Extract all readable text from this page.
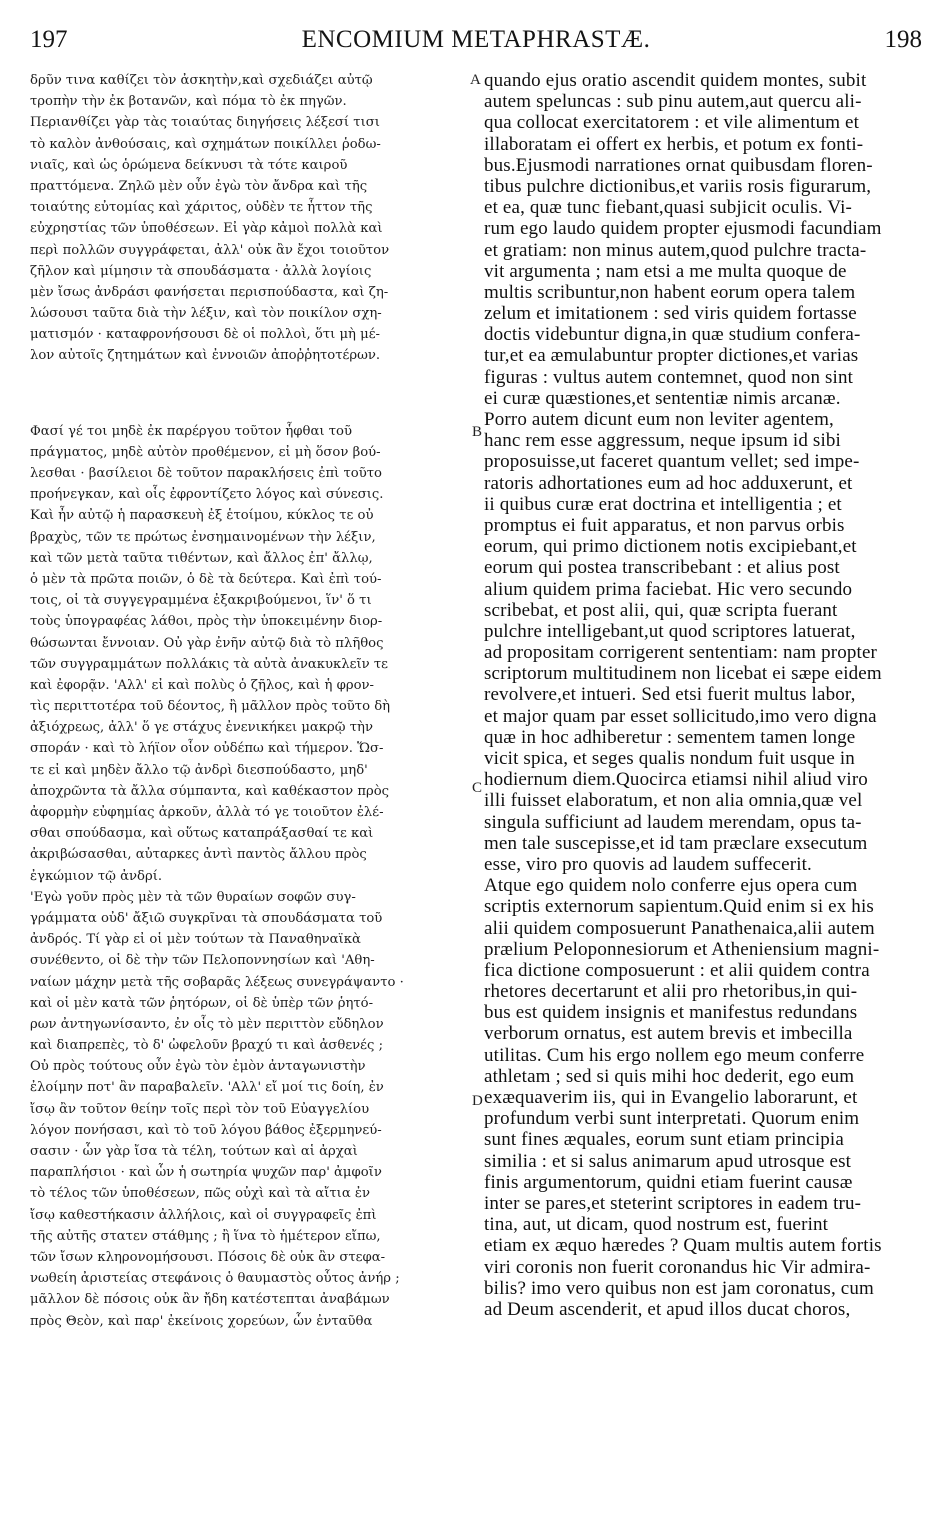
197	ENCOMIUM METAPHRASTÆ.	198
δρῦν τινα καθίζει τὸν ἀσκητὴν,καὶ σχεδιάζει αὐτῷ
τροπὴν τὴν ἐκ βοτανῶν, καὶ πόμα τὸ ἐκ πηγῶν.
Περιανθίζει γὰρ τὰς τοιαύτας διηγήσεις λέξεσί τισι
τὸ καλὸν ἀνθούσαις, καὶ σχημάτων ποικίλλει ῥοδω-
νιαῖς, καὶ ὡς ὁρώμενα δείκνυσι τὰ τότε καιροῦ
πραττόμενα. Ζηλῶ μὲν οὖν ἐγὼ τὸν ἄνδρα καὶ τῆς
τοιαύτης εὐτομίας καὶ χάριτος, οὐδὲν τε ἧττον τῆς
εὐχρηστίας τῶν ὑποθέσεων. Εἰ γὰρ κἀμοὶ πολλὰ καὶ
περὶ πολλῶν συγγράφεται, ἀλλ' οὐκ ἂν ἔχοι τοιοῦτον
ζῆλον καὶ μίμησιν τὰ σπουδάσματα · ἀλλὰ λογίοις
μὲν ἴσως ἀνδράσι φανήσεται περισπούδαστα, καὶ ζη-
λώσουσι ταῦτα διὰ τὴν λέξιν, καὶ τὸν ποικίλον σχη-
ματισμόν · καταφρονήσουσι δὲ οἱ πολλοὶ, ὅτι μὴ μέ-
λον αὐτοῖς ζητημάτων καὶ ἐννοιῶν ἀποῤῥητοτέρων.
Φασί γέ τοι μηδὲ ἐκ παρέργου τοῦτον ἧφθαι τοῦ
πράγματος, μηδὲ αὐτὸν προθέμενον, εἰ μὴ ὅσον βού-
λεσθαι · βασίλειοι δὲ τοῦτον παρακλήσεις ἐπὶ τοῦτο
προήνεγκαν, καὶ οἷς ἐφροντίζετο λόγος καὶ σύνεσις.
Καὶ ἦν αὐτῷ ἡ παρασκευὴ ἐξ ἑτοίμου, κύκλος τε οὐ
βραχὺς, τῶν τε πρώτως ἐνσημαινομένων τὴν λέξιν,
καὶ τῶν μετὰ ταῦτα τιθέντων, καὶ ἄλλος ἐπ' ἄλλῳ,
ὁ μὲν τὰ πρῶτα ποιῶν, ὁ δὲ τὰ δεύτερα. Καὶ ἐπὶ τού-
τοις, οἱ τὰ συγγεγραμμένα ἐξακριβούμενοι, ἵν' ὅ τι
τοὺς ὑπογραφέας λάθοι, πρὸς τὴν ὑποκειμένην διορ-
θώσωνται ἔννοιαν. Οὐ γὰρ ἐνῆν αὐτῷ διὰ τὸ πλῆθος
τῶν συγγραμμάτων πολλάκις τὰ αὐτὰ ἀνακυκλεῖν τε
καὶ ἐφορᾷν. 'Αλλ' εἰ καὶ πολὺς ὁ ζῆλος, καὶ ἡ φρον-
τὶς περιττοτέρα τοῦ δέοντος, ἢ μᾶλλον πρὸς τοῦτο δὴ
ἀξιόχρεως, ἀλλ' ὅ γε στάχυς ἐνενικήκει μακρῷ τὴν
σποράν · καὶ τὸ λήϊον οἷον οὐδέπω καὶ τήμερον. Ὥσ-
τε εἰ καὶ μηδὲν ἄλλο τῷ ἀνδρὶ διεσπούδαστο, μηδ'
ἀποχρῶντα τὰ ἄλλα σύμπαντα, καὶ καθέκαστον πρὸς
ἀφορμὴν εὐφημίας ἀρκοῦν, ἀλλὰ τό γε τοιοῦτον ἐλέ-
σθαι σπούδασμα, καὶ οὕτως καταπράξασθαί τε καὶ
ἀκριβώσασθαι, αὐταρκες ἀντὶ παντὸς ἄλλου πρὸς
ἐγκώμιον τῷ ἀνδρί.
'Εγὼ γοῦν πρὸς μὲν τὰ τῶν θυραίων σοφῶν συγ-
γράμματα οὐδ' ἄξιῶ συγκρῖναι τὰ σπουδάσματα τοῦ
ἀνδρός. Τί γὰρ εἰ οἱ μὲν τούτων τὰ Παναθηναϊκὰ
συνέθεντο, οἱ δὲ τὴν τῶν Πελοποννησίων καὶ 'Αθη-
ναίων μάχην μετὰ τῆς σοβαρᾶς λέξεως συνεγράψαντο ·
καὶ οἱ μὲν κατὰ τῶν ῥητόρων, οἱ δὲ ὑπὲρ τῶν ῥητό-
ρων ἀντηγωνίσαντο, ἐν οἷς τὸ μὲν περιττὸν εὔδηλον
καὶ διαπρεπὲς, τὸ δ' ὠφελοῦν βραχύ τι καὶ ἀσθενές ;
Οὐ πρὸς τούτους οὖν ἐγὼ τὸν ἐμὸν ἀνταγωνιστὴν
ἐλοίμην ποτ' ἂν παραβαλεῖν. 'Αλλ' εἴ μοί τις δοίη, ἐν
ἴσῳ ἂν τοῦτον θείην τοῖς περὶ τὸν τοῦ Εὐαγγελίου
λόγον πονήσασι, καὶ τὸ τοῦ λόγου βάθος ἐξερμηνεύ-
σασιν · ὧν γὰρ ἴσα τὰ τέλη, τούτων καὶ αἱ ἀρχαὶ
παραπλήσιοι · καὶ ὧν ἡ σωτηρία ψυχῶν παρ' ἀμφοῖν
τὸ τέλος τῶν ὑποθέσεων, πῶς οὐχὶ καὶ τὰ αἴτια ἐν
ἴσῳ καθεστήκασιν ἀλλήλοις, καὶ οἱ συγγραφεῖς ἐπὶ
τῆς αὐτῆς στατεν στάθμης ; ἢ ἵνα τὸ ἡμέτερον εἴπω,
τῶν ἴσων κληρονομήσουσι. Πόσοις δὲ οὐκ ἂν στεφα-
νωθείη ἀριστείας στεφάνοις ὁ θαυμαστὸς οὗτος ἀνήρ ;
μᾶλλον δὲ πόσοις οὐκ ἂν ἤδη κατέστεπται ἀναβάμων
πρὸς Θεὸν, καὶ παρ' ἐκείνοις χορεύων, ὧν ἐνταῦθα
A
B
C
D
quando ejus oratio ascendit quidem montes, subit
autem speluncas : sub pinu autem,aut quercu ali-
qua collocat exercitatorem : et vile alimentum et
illaboratam ei offert ex herbis, et potum ex fonti-
bus.Ejusmodi narrationes ornat quibusdam floren-
tibus pulchre dictionibus,et variis rosis figurarum,
et ea, quæ tunc fiebant,quasi subjicit oculis. Vi-
rum ego laudo quidem propter ejusmodi facundiam
et gratiam: non minus autem,quod pulchre tracta-
vit argumenta ; nam etsi a me multa quoque de
multis scribuntur,non habent eorum opera talem
zelum et imitationem : sed viris quidem fortasse
doctis videbuntur digna,in quæ studium confera-
tur,et ea æmulabuntur propter dictiones,et varias
figuras : vultus autem contemnet, quod non sint
ei curæ quæstiones,et sententiæ nimis arcanæ.
Porro autem dicunt eum non leviter agentem,
hanc rem esse aggressum, neque ipsum id sibi
proposuisse,ut faceret quantum vellet; sed impe-
ratoris adhortationes eum ad hoc adduxerunt, et
ii quibus curæ erat doctrina et intelligentia ; et
promptus ei fuit apparatus, et non parvus orbis
eorum, qui primo dictionem notis excipiebant,et
eorum qui postea transcribebant : et alius post
alium quidem prima faciebat. Hic vero secundo
scribebat, et post alii, qui, quæ scripta fuerant
pulchre intelligebant,ut quod scriptores latuerat,
ad propositam corrigerent sententiam: nam propter
scriptorum multitudinem non licebat ei sæpe eidem
revolvere,et intueri. Sed etsi fuerit multus labor,
et major quam par esset sollicitudo,imo vero digna
quæ in hoc adhiberetur : sementem tamen longe
vicit spica, et seges qualis nondum fuit usque in
hodiernum diem.Quocirca etiamsi nihil aliud viro
illi fuisset elaboratum, et non alia omnia,quæ vel
singula sufficiunt ad laudem merendam, opus ta-
men tale suscepisse,et id tam præclare exsecutum
esse, viro pro quovis ad laudem suffecerit.
Atque ego quidem nolo conferre ejus opera cum
scriptis externorum sapientum.Quid enim si ex his
alii quidem composuerunt Panathenaica,alii autem
prælium Peloponnesiorum et Atheniensium magni-
fica dictione composuerunt : et alii quidem contra
rhetores decertarunt et alii pro rhetoribus,in qui-
bus est quidem insignis et manifestus redundans
verborum ornatus, est autem brevis et imbecilla
utilitas. Cum his ergo nollem ego meum conferre
athletam ; sed si quis mihi hoc dederit, ego eum
exæquaverim iis, qui in Evangelio laborarunt, et
profundum verbi sunt interpretati. Quorum enim
sunt fines æquales, eorum sunt etiam principia
similia : et si salus animarum apud utrosque est
finis argumentorum, quidni etiam fuerint causæ
inter se pares,et steterint scriptores in eadem tru-
tina, aut, ut dicam, quod nostrum est, fuerint
etiam ex æquo hæredes ? Quam multis autem fortis
viri coronis non fuerit coronandus hic Vir admira-
bilis? imo vero quibus non est jam coronatus, cum
ad Deum ascenderit, et apud illos ducat choros,
